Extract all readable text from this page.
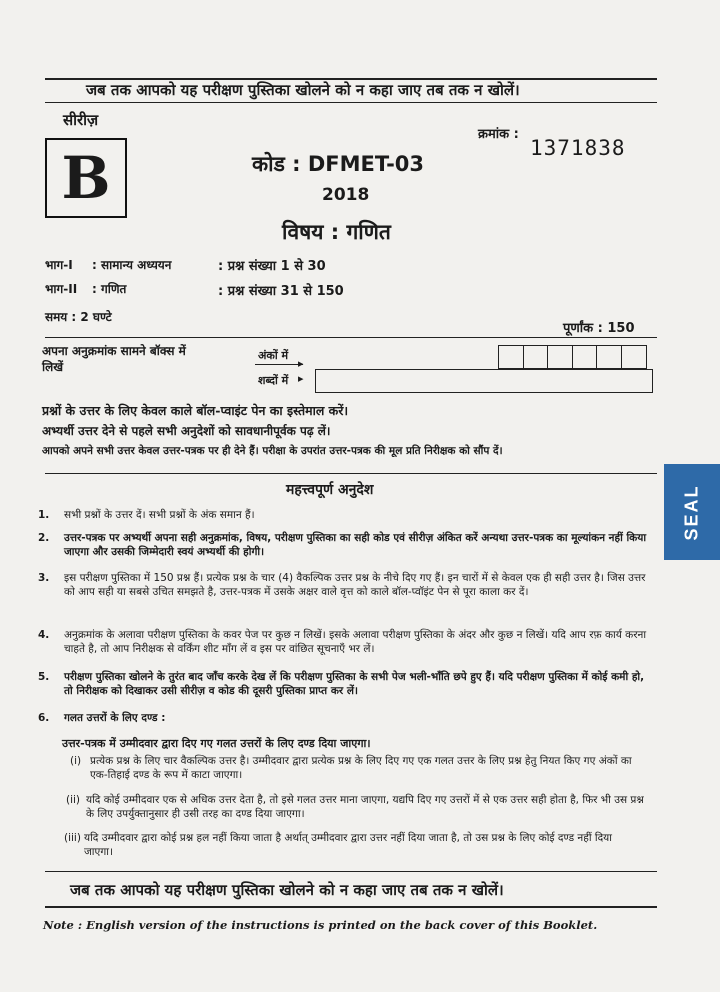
जब तक आपको यह परीक्षण पुस्तिका खोलने को न कहा जाए तब तक न खोलें।
सीरीज़
B
क्रमांक :
1371838
कोड : DFMET-03
2018
विषय : गणित
भाग-I : सामान्य अध्ययन	: प्रश्न संख्या 1 से 30
भाग-II : गणित	: प्रश्न संख्या 31 से 150
समय : 2 घण्टे
पूर्णांक : 150
अपना अनुक्रमांक सामने बॉक्स में
लिखें
अंकों में
▸
शब्दों में ▸
प्रश्नों के उत्तर के लिए केवल काले बॉल-प्वाइंट पेन का इस्तेमाल करें।
अभ्यर्थी उत्तर देने से पहले सभी अनुदेशों को सावधानीपूर्वक पढ़ लें।
आपको अपने सभी उत्तर केवल उत्तर-पत्रक पर ही देने हैं। परीक्षा के उपरांत उत्तर-पत्रक की मूल प्रति निरीक्षक को सौंप दें।
SEAL
महत्त्वपूर्ण अनुदेश
1. सभी प्रश्नों के उत्तर दें। सभी प्रश्नों के अंक समान हैं।
2. उत्तर-पत्रक पर अभ्यर्थी अपना सही अनुक्रमांक, विषय, परीक्षण पुस्तिका का सही कोड एवं सीरीज़ अंकित करें अन्यथा उत्तर-पत्रक का मूल्यांकन नहीं किया जाएगा और उसकी जिम्मेदारी स्वयं अभ्यर्थी की होगी।
3. इस परीक्षण पुस्तिका में 150 प्रश्न हैं। प्रत्येक प्रश्न के चार (4) वैकल्पिक उत्तर प्रश्न के नीचे दिए गए हैं। इन चारों में से केवल एक ही सही उत्तर है। जिस उत्तर को आप सही या सबसे उचित समझते है, उत्तर-पत्रक में उसके अक्षर वाले वृत्त को काले बॉल-प्वॉइंट पेन से पूरा काला कर दें।
4. अनुक्रमांक के अलावा परीक्षण पुस्तिका के कवर पेज पर कुछ न लिखें। इसके अलावा परीक्षण पुस्तिका के अंदर और कुछ न लिखें। यदि आप रफ़ कार्य करना चाहते है, तो आप निरीक्षक से वर्किंग शीट माँग लें व इस पर वांछित सूचनाएँ भर लें।
5. परीक्षण पुस्तिका खोलने के तुरंत बाद जाँच करके देख लें कि परीक्षण पुस्तिका के सभी पेज भली-भाँति छपे हुए हैं। यदि परीक्षण पुस्तिका में कोई कमी हो, तो निरीक्षक को दिखाकर उसी सीरीज़ व कोड की दूसरी पुस्तिका प्राप्त कर लें।
6. गलत उत्तरों के लिए दण्ड :
उत्तर-पत्रक में उम्मीदवार द्वारा दिए गए गलत उत्तरों के लिए दण्ड दिया जाएगा।
(i) प्रत्येक प्रश्न के लिए चार वैकल्पिक उत्तर है। उम्मीदवार द्वारा प्रत्येक प्रश्न के लिए दिए गए एक गलत उत्तर के लिए प्रश्न हेतु नियत किए गए अंकों का एक-तिहाई दण्ड के रूप में काटा जाएगा।
(ii) यदि कोई उम्मीदवार एक से अधिक उत्तर देता है, तो इसे गलत उत्तर माना जाएगा, यद्यपि दिए गए उत्तरों में से एक उत्तर सही होता है, फिर भी उस प्रश्न के लिए उपर्युक्तानुसार ही उसी तरह का दण्ड दिया जाएगा।
(iii) यदि उम्मीदवार द्वारा कोई प्रश्न हल नहीं किया जाता है अर्थात् उम्मीदवार द्वारा उत्तर नहीं दिया जाता है, तो उस प्रश्न के लिए कोई दण्ड नहीं दिया जाएगा।
जब तक आपको यह परीक्षण पुस्तिका खोलने को न कहा जाए तब तक न खोलें।
Note : English version of the instructions is printed on the back cover of this Booklet.
